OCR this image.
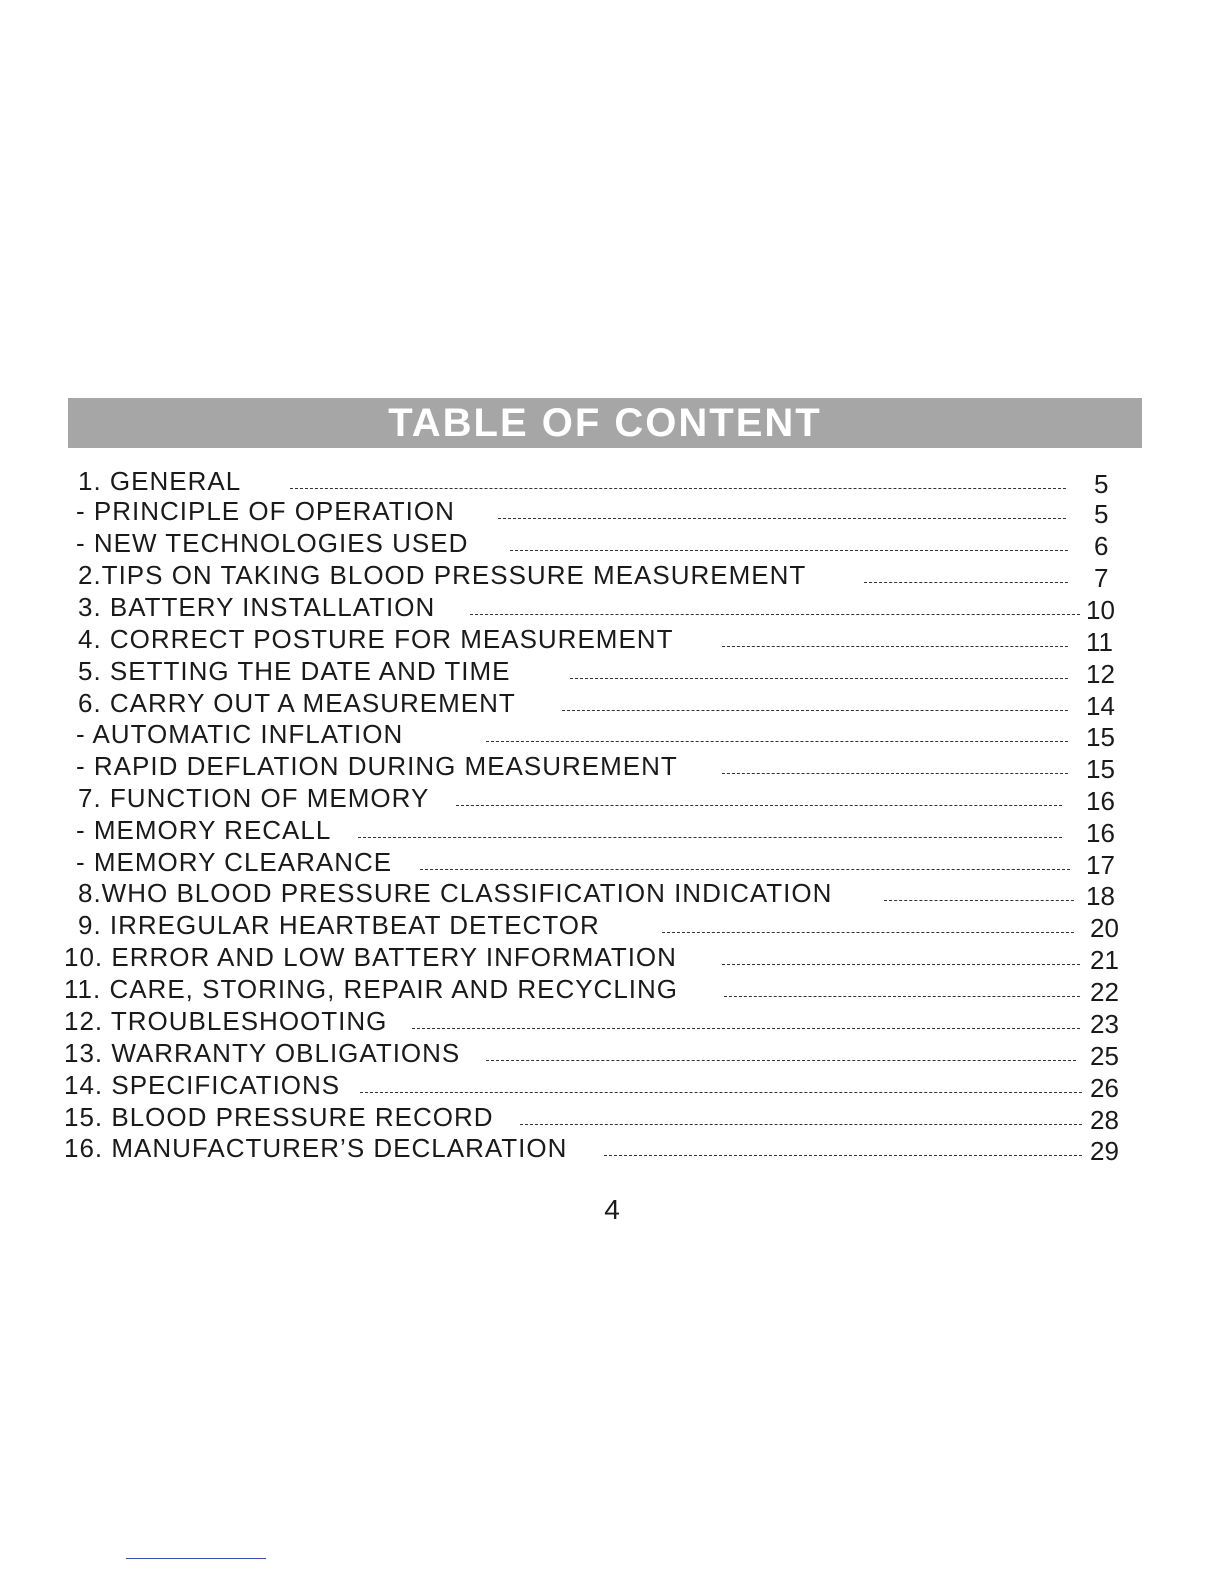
TABLE OF CONTENT
1. GENERAL	5
- PRINCIPLE OF OPERATION	5
- NEW TECHNOLOGIES USED	6
2.TIPS ON TAKING BLOOD PRESSURE MEASUREMENT	7
3. BATTERY INSTALLATION	10
4. CORRECT POSTURE FOR MEASUREMENT	11
5. SETTING THE DATE AND TIME	12
6. CARRY OUT A MEASUREMENT	14
- AUTOMATIC INFLATION	15
- RAPID DEFLATION DURING MEASUREMENT	15
7. FUNCTION OF MEMORY	16
- MEMORY RECALL	16
- MEMORY CLEARANCE	17
8.WHO BLOOD PRESSURE CLASSIFICATION INDICATION	18
9. IRREGULAR HEARTBEAT DETECTOR	20
10. ERROR AND LOW BATTERY INFORMATION	21
11. CARE, STORING, REPAIR AND RECYCLING	22
12. TROUBLESHOOTING	23
13. WARRANTY OBLIGATIONS	25
14. SPECIFICATIONS	26
15. BLOOD PRESSURE RECORD	28
16. MANUFACTURER’S DECLARATION	29
4
